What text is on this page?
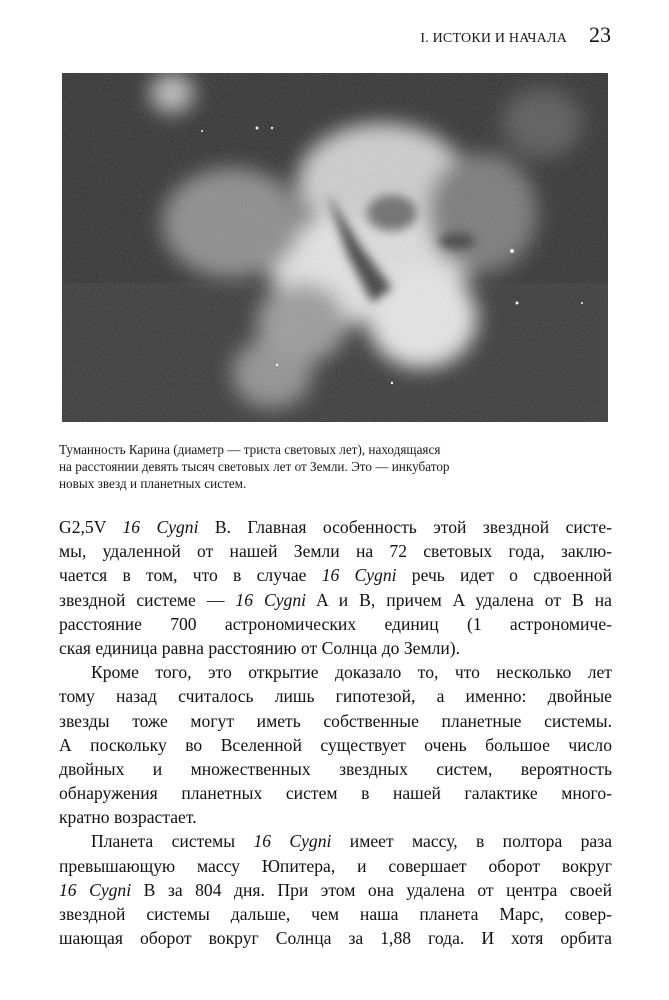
I. ИСТОКИ И НАЧАЛА 23
Туманность Карина (диаметр — триста световых лет), находящаяся
на расстоянии девять тысяч световых лет от Земли. Это — инкубатор
новых звезд и планетных систем.
G2,5V 16 Cygni B. Главная особенность этой звездной систе-
мы, удаленной от нашей Земли на 72 световых года, заклю-
чается в том, что в случае 16 Cygni речь идет о сдвоенной
звездной системе — 16 Cygni A и B, причем A удалена от B на
расстояние 700 астрономических единиц (1 астрономиче-
ская единица равна расстоянию от Солнца до Земли).
Кроме того, это открытие доказало то, что несколько лет
тому назад считалось лишь гипотезой, а именно: двойные
звезды тоже могут иметь собственные планетные системы.
А поскольку во Вселенной существует очень большое число
двойных и множественных звездных систем, вероятность
обнаружения планетных систем в нашей галактике много-
кратно возрастает.
Планета системы 16 Cygni имеет массу, в полтора раза
превышающую массу Юпитера, и совершает оборот вокруг
16 Cygni B за 804 дня. При этом она удалена от центра своей
звездной системы дальше, чем наша планета Марс, совер-
шающая оборот вокруг Солнца за 1,88 года. И хотя орбита
